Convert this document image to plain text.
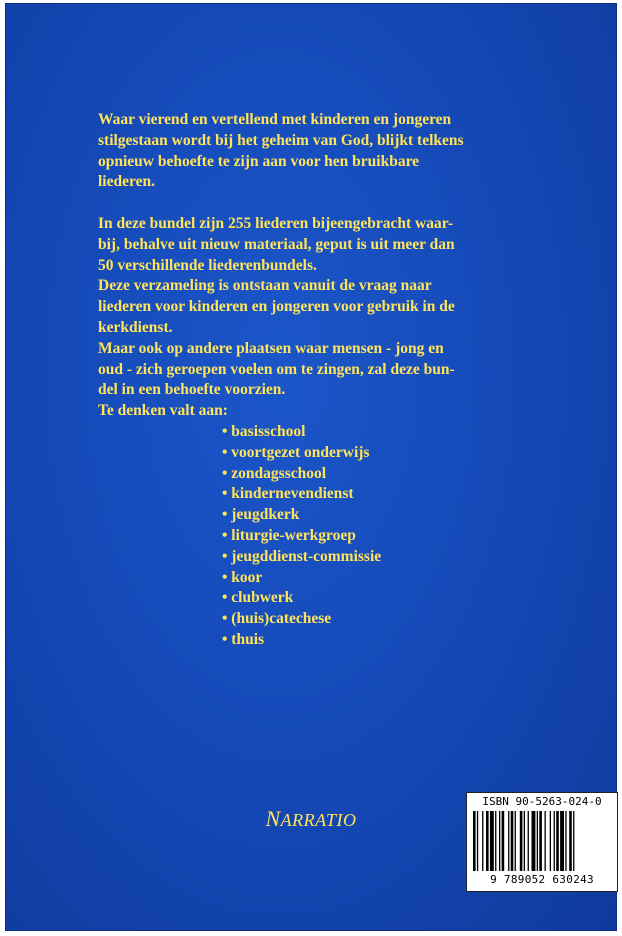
Waar vierend en vertellend met kinderen en jongeren
stilgestaan wordt bij het geheim van God, blijkt telkens
opnieuw behoefte te zijn aan voor hen bruikbare
liederen.

In deze bundel zijn 255 liederen bijeengebracht waar-
bij, behalve uit nieuw materiaal, geput is uit meer dan
50 verschillende liederenbundels.
Deze verzameling is ontstaan vanuit de vraag naar
liederen voor kinderen en jongeren voor gebruik in de
kerkdienst.
Maar ook op andere plaatsen waar mensen - jong en
oud - zich geroepen voelen om te zingen, zal deze bun-
del in een behoefte voorzien.
Te denken valt aan:

• basisschool
• voortgezet onderwijs
• zondagsschool
• kindernevendienst
• jeugdkerk
• liturgie-werkgroep
• jeugddienst-commissie
• koor
• clubwerk
• (huis)catechese
• thuis
NARRATIO
ISBN 90-5263-024-0
9 789052 630243
